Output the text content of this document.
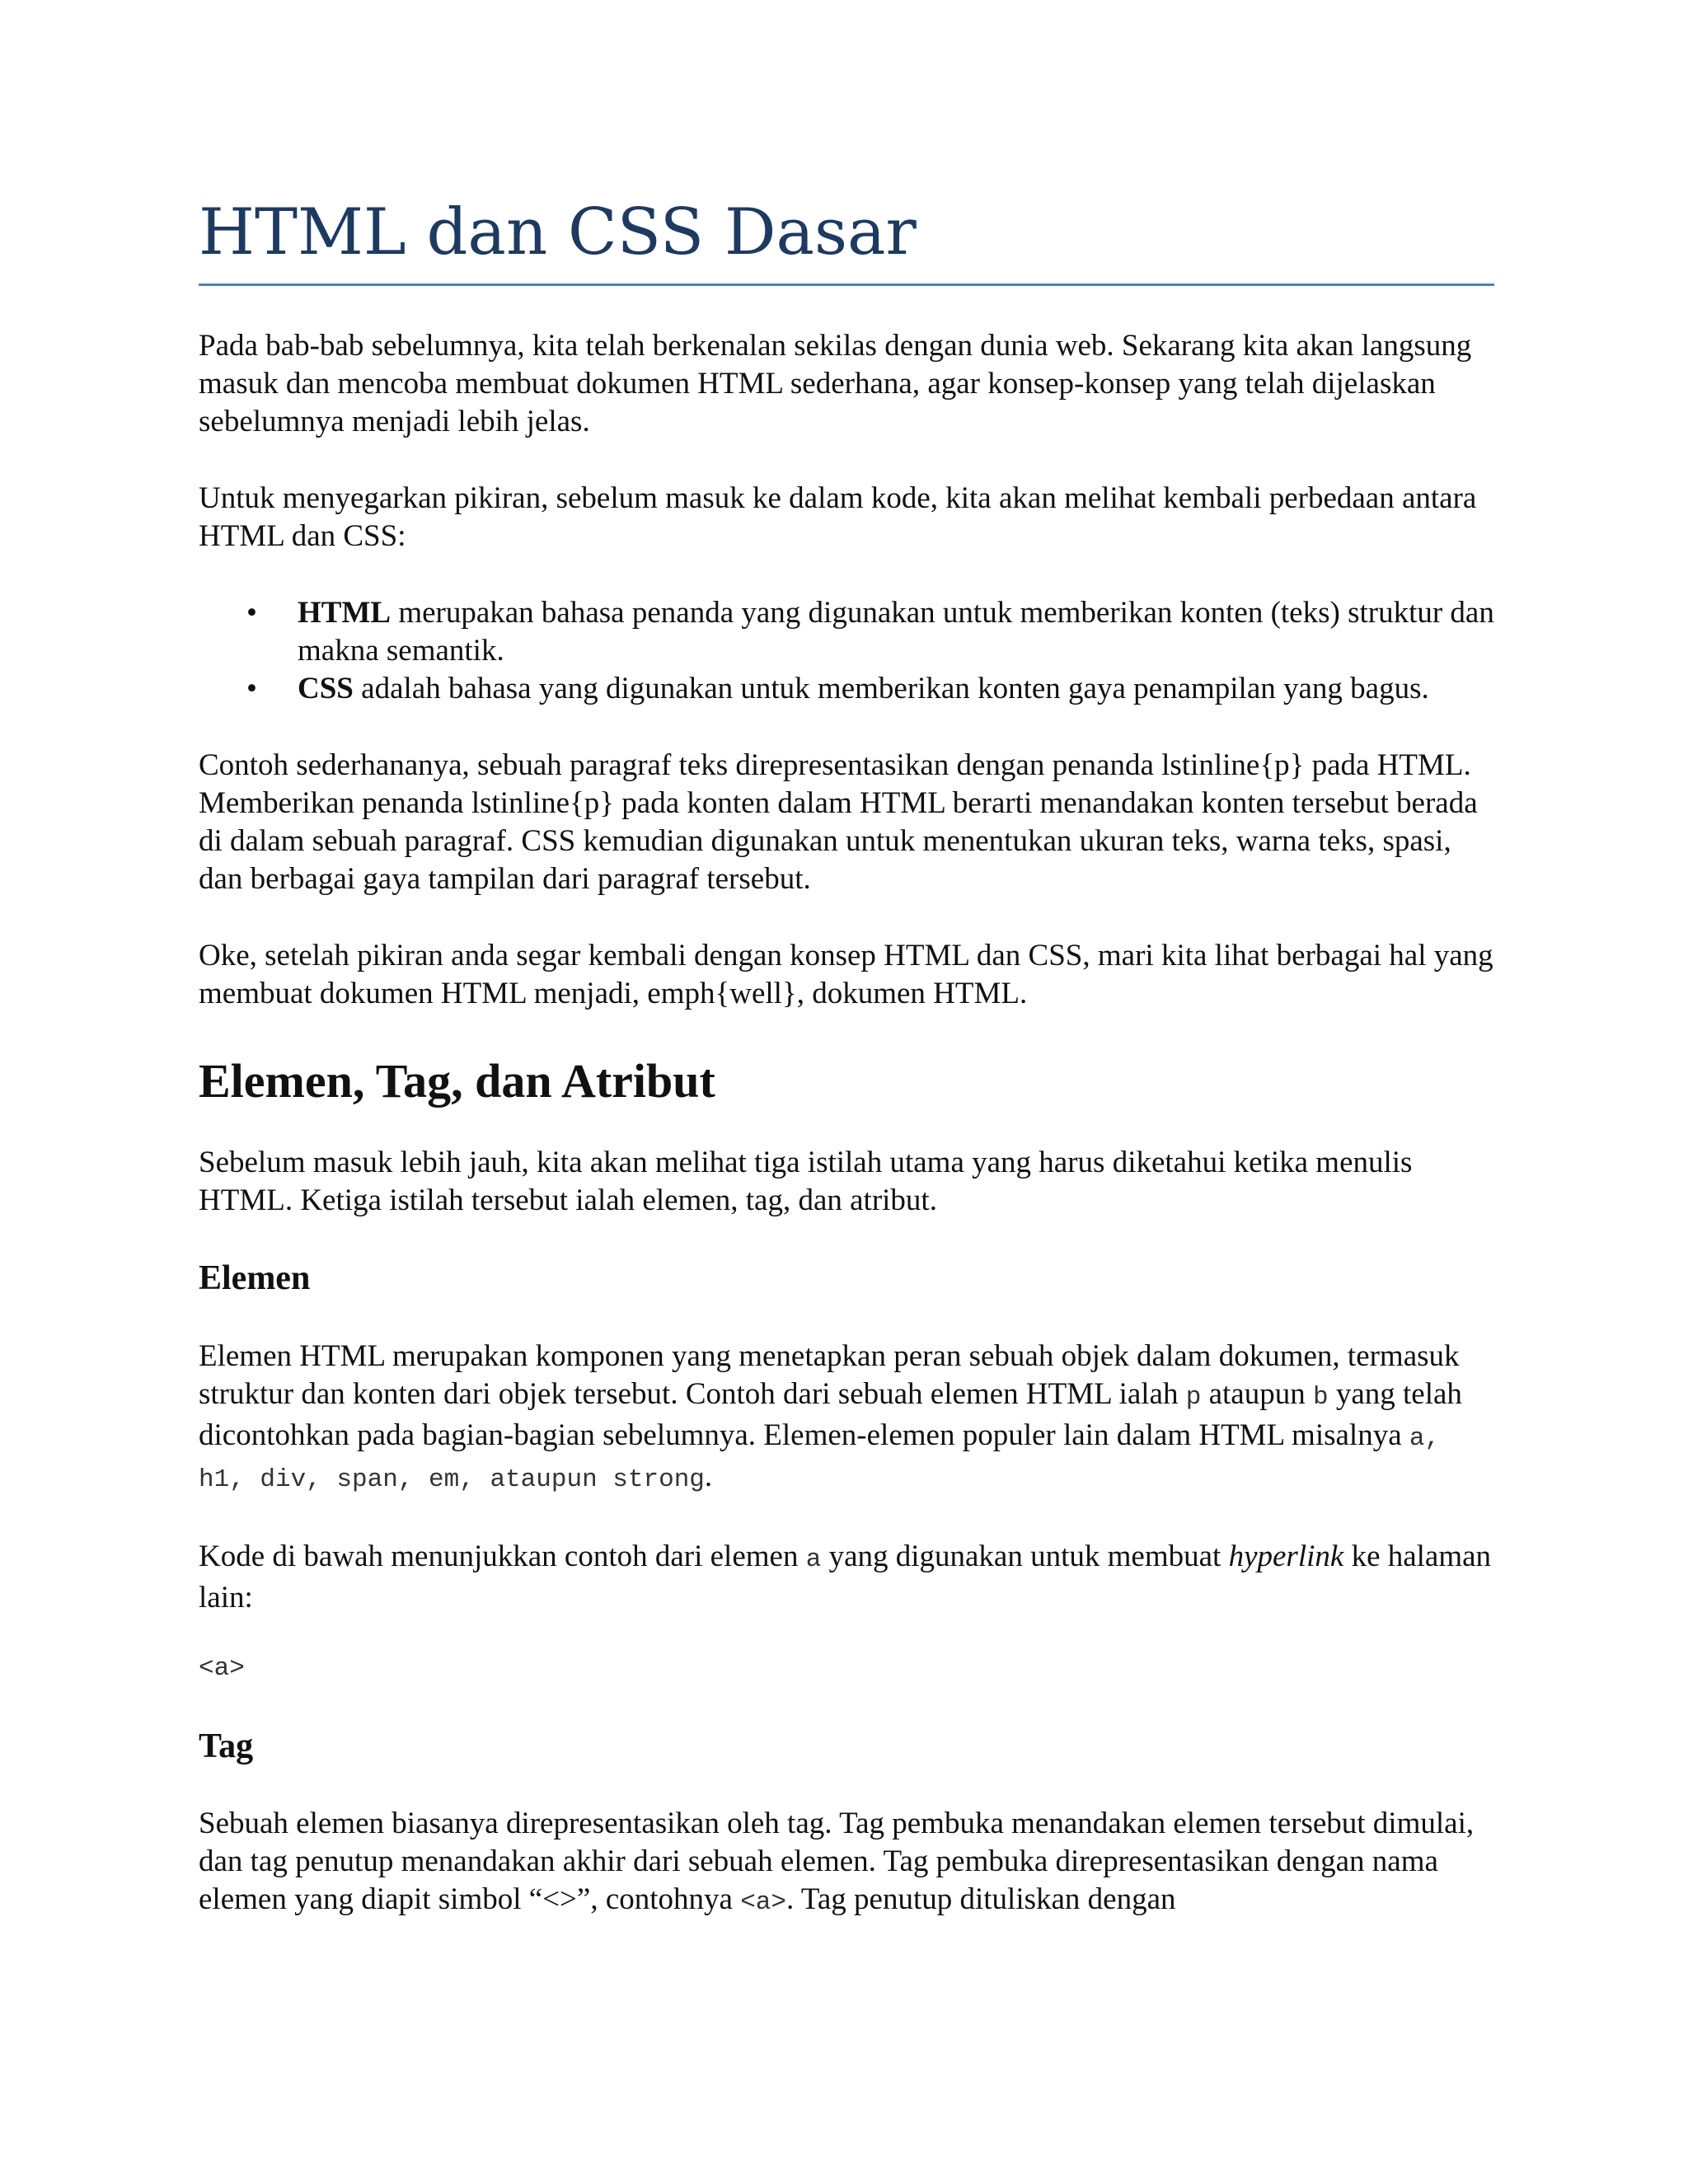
HTML dan CSS Dasar

Pada bab-bab sebelumnya, kita telah berkenalan sekilas dengan dunia web. Sekarang kita akan langsung masuk dan mencoba membuat dokumen HTML sederhana, agar konsep-konsep yang telah dijelaskan sebelumnya menjadi lebih jelas.

Untuk menyegarkan pikiran, sebelum masuk ke dalam kode, kita akan melihat kembali perbedaan antara HTML dan CSS:

• HTML merupakan bahasa penanda yang digunakan untuk memberikan konten (teks) struktur dan makna semantik.
• CSS adalah bahasa yang digunakan untuk memberikan konten gaya penampilan yang bagus.

Contoh sederhananya, sebuah paragraf teks direpresentasikan dengan penanda lstinline{p} pada HTML. Memberikan penanda lstinline{p} pada konten dalam HTML berarti menandakan konten tersebut berada di dalam sebuah paragraf. CSS kemudian digunakan untuk menentukan ukuran teks, warna teks, spasi, dan berbagai gaya tampilan dari paragraf tersebut.

Oke, setelah pikiran anda segar kembali dengan konsep HTML dan CSS, mari kita lihat berbagai hal yang membuat dokumen HTML menjadi, emph{well}, dokumen HTML.

Elemen, Tag, dan Atribut

Sebelum masuk lebih jauh, kita akan melihat tiga istilah utama yang harus diketahui ketika menulis HTML. Ketiga istilah tersebut ialah elemen, tag, dan atribut.

Elemen

Elemen HTML merupakan komponen yang menetapkan peran sebuah objek dalam dokumen, termasuk struktur dan konten dari objek tersebut. Contoh dari sebuah elemen HTML ialah p ataupun b yang telah dicontohkan pada bagian-bagian sebelumnya. Elemen-elemen populer lain dalam HTML misalnya a, h1, div, span, em, ataupun strong.

Kode di bawah menunjukkan contoh dari elemen a yang digunakan untuk membuat hyperlink ke halaman lain:

<a>
Tag

Sebuah elemen biasanya direpresentasikan oleh tag. Tag pembuka menandakan elemen tersebut dimulai, dan tag penutup menandakan akhir dari sebuah elemen. Tag pembuka direpresentasikan dengan nama elemen yang diapit simbol “<>”, contohnya <a>. Tag penutup dituliskan dengan
